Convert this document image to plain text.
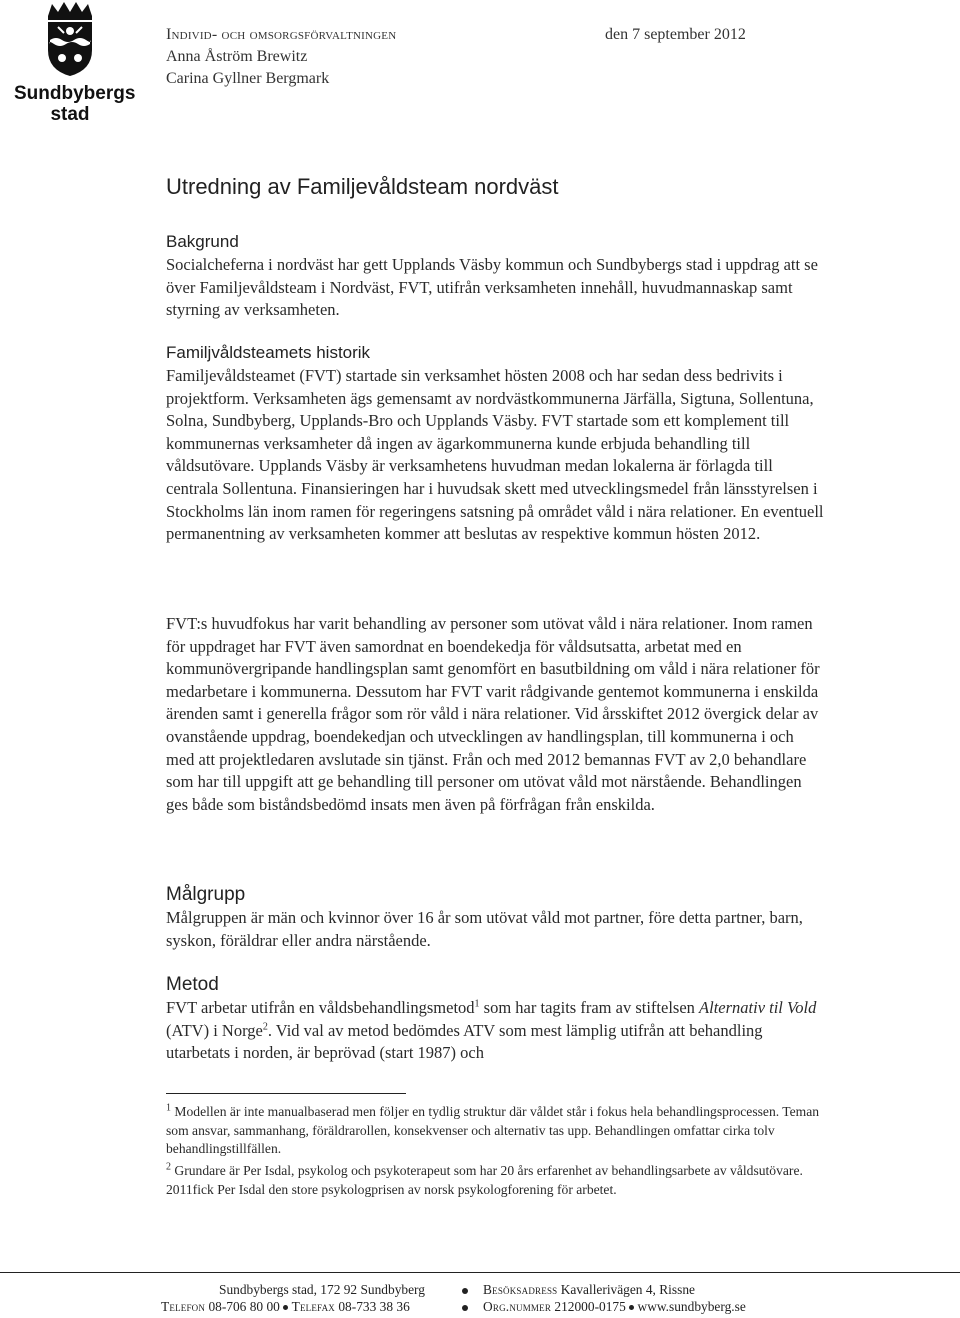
Sundbybergs stad
Individ- och omsorgsförvaltningen
Anna Åström Brewitz
Carina Gyllner Bergmark
den 7 september 2012
Utredning av Familjevåldsteam nordväst
Bakgrund

Socialcheferna i nordväst har gett Upplands Väsby kommun och Sundbybergs stad i uppdrag att se över Familjevåldsteam i Nordväst, FVT, utifrån verksamheten innehåll, huvudmannaskap samt styrning av verksamheten.

Familjvåldsteamets historik

Familjevåldsteamet (FVT) startade sin verksamhet hösten 2008 och har sedan dess bedrivits i projektform. Verksamheten ägs gemensamt av nordvästkommunerna Järfälla, Sigtuna, Sollentuna, Solna, Sundbyberg, Upplands-Bro och Upplands Väsby. FVT startade som ett komplement till kommunernas verksamheter då ingen av ägarkommunerna kunde erbjuda behandling till våldsutövare. Upplands Väsby är verksamhetens huvudman medan lokalerna är förlagda till centrala Sollentuna. Finansieringen har i huvudsak skett med utvecklingsmedel från länsstyrelsen i Stockholms län inom ramen för regeringens satsning på området våld i nära relationer. En eventuell permanentning av verksamheten kommer att beslutas av respektive kommun hösten 2012.

FVT:s huvudfokus har varit behandling av personer som utövat våld i nära relationer. Inom ramen för uppdraget har FVT även samordnat en boendekedja för våldsutsatta, arbetat med en kommunövergripande handlingsplan samt genomfört en basutbildning om våld i nära relationer för medarbetare i kommunerna. Dessutom har FVT varit rådgivande gentemot kommunerna i enskilda ärenden samt i generella frågor som rör våld i nära relationer. Vid årsskiftet 2012 övergick delar av ovanstående uppdrag, boendekedjan och utvecklingen av handlingsplan, till kommunerna i och med att projektledaren avslutade sin tjänst. Från och med 2012 bemannas FVT av 2,0 behandlare som har till uppgift att ge behandling till personer om utövat våld mot närstående. Behandlingen ges både som biståndsbedömd insats men även på förfrågan från enskilda.

Målgrupp

Målgruppen är män och kvinnor över 16 år som utövat våld mot partner, före detta partner, barn, syskon, föräldrar eller andra närstående.

Metod

FVT arbetar utifrån en våldsbehandlingsmetod$^1$ som har tagits fram av stiftelsen Alternativ til Vold (ATV) i Norge$^2$. Vid val av metod bedömdes ATV som mest lämplig utifrån att behandling utarbetats i norden, är beprövad (start 1987) och

$^1$ Modellen är inte manualbaserad men följer en tydlig struktur där våldet står i fokus hela behandlingsprocessen. Teman som ansvar, sammanhang, föräldrarollen, konsekvenser och alternativ tas upp. Behandlingen omfattar cirka tolv behandlingstillfällen.

$^2$ Grundare är Per Isdal, psykolog och psykoterapeut som har 20 års erfarenhet av behandlingsarbete av våldsutövare. 2011fick Per Isdal den store psykologprisen av norsk psykologforening för arbetet.

Sundbybergs stad, 172 92 Sundbyberg	Besöksadress Kavallerivägen 4, Rissne
Telefon 08-706 80 00 Telefax 08-733 38 36	Org.nummer 212000-0175 www.sundbyberg.se
